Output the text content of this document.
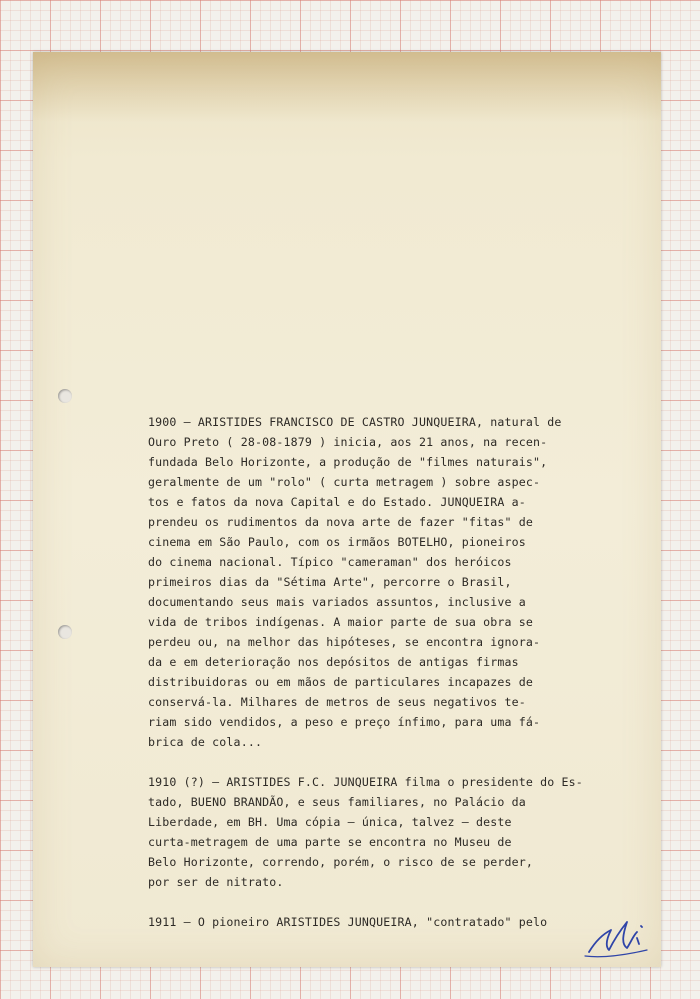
1900 — ARISTIDES FRANCISCO DE CASTRO JUNQUEIRA, natural de
Ouro Preto ( 28-08-1879 ) inicia, aos 21 anos, na recen-
fundada Belo Horizonte, a produção de "filmes naturais",
geralmente de um "rolo" ( curta metragem ) sobre aspec-
tos e fatos da nova Capital e do Estado. JUNQUEIRA a-
prendeu os rudimentos da nova arte de fazer "fitas" de
cinema em São Paulo, com os irmãos BOTELHO, pioneiros
do cinema nacional. Típico "cameraman" dos heróicos
primeiros dias da "Sétima Arte", percorre o Brasil,
documentando seus mais variados assuntos, inclusive a
vida de tribos indígenas. A maior parte de sua obra se
perdeu ou, na melhor das hipóteses, se encontra ignora-
da e em deterioração nos depósitos de antigas firmas
distribuidoras ou em mãos de particulares incapazes de
conservá-la. Milhares de metros de seus negativos te-
riam sido vendidos, a peso e preço ínfimo, para uma fá-
brica de cola...
1910 (?) — ARISTIDES F.C. JUNQUEIRA filma o presidente do Es-
tado, BUENO BRANDÃO, e seus familiares, no Palácio da
Liberdade, em BH. Uma cópia — única, talvez — deste
curta-metragem de uma parte se encontra no Museu de
Belo Horizonte, correndo, porém, o risco de se perder,
por ser de nitrato.
1911 — O pioneiro ARISTIDES JUNQUEIRA, "contratado" pelo
